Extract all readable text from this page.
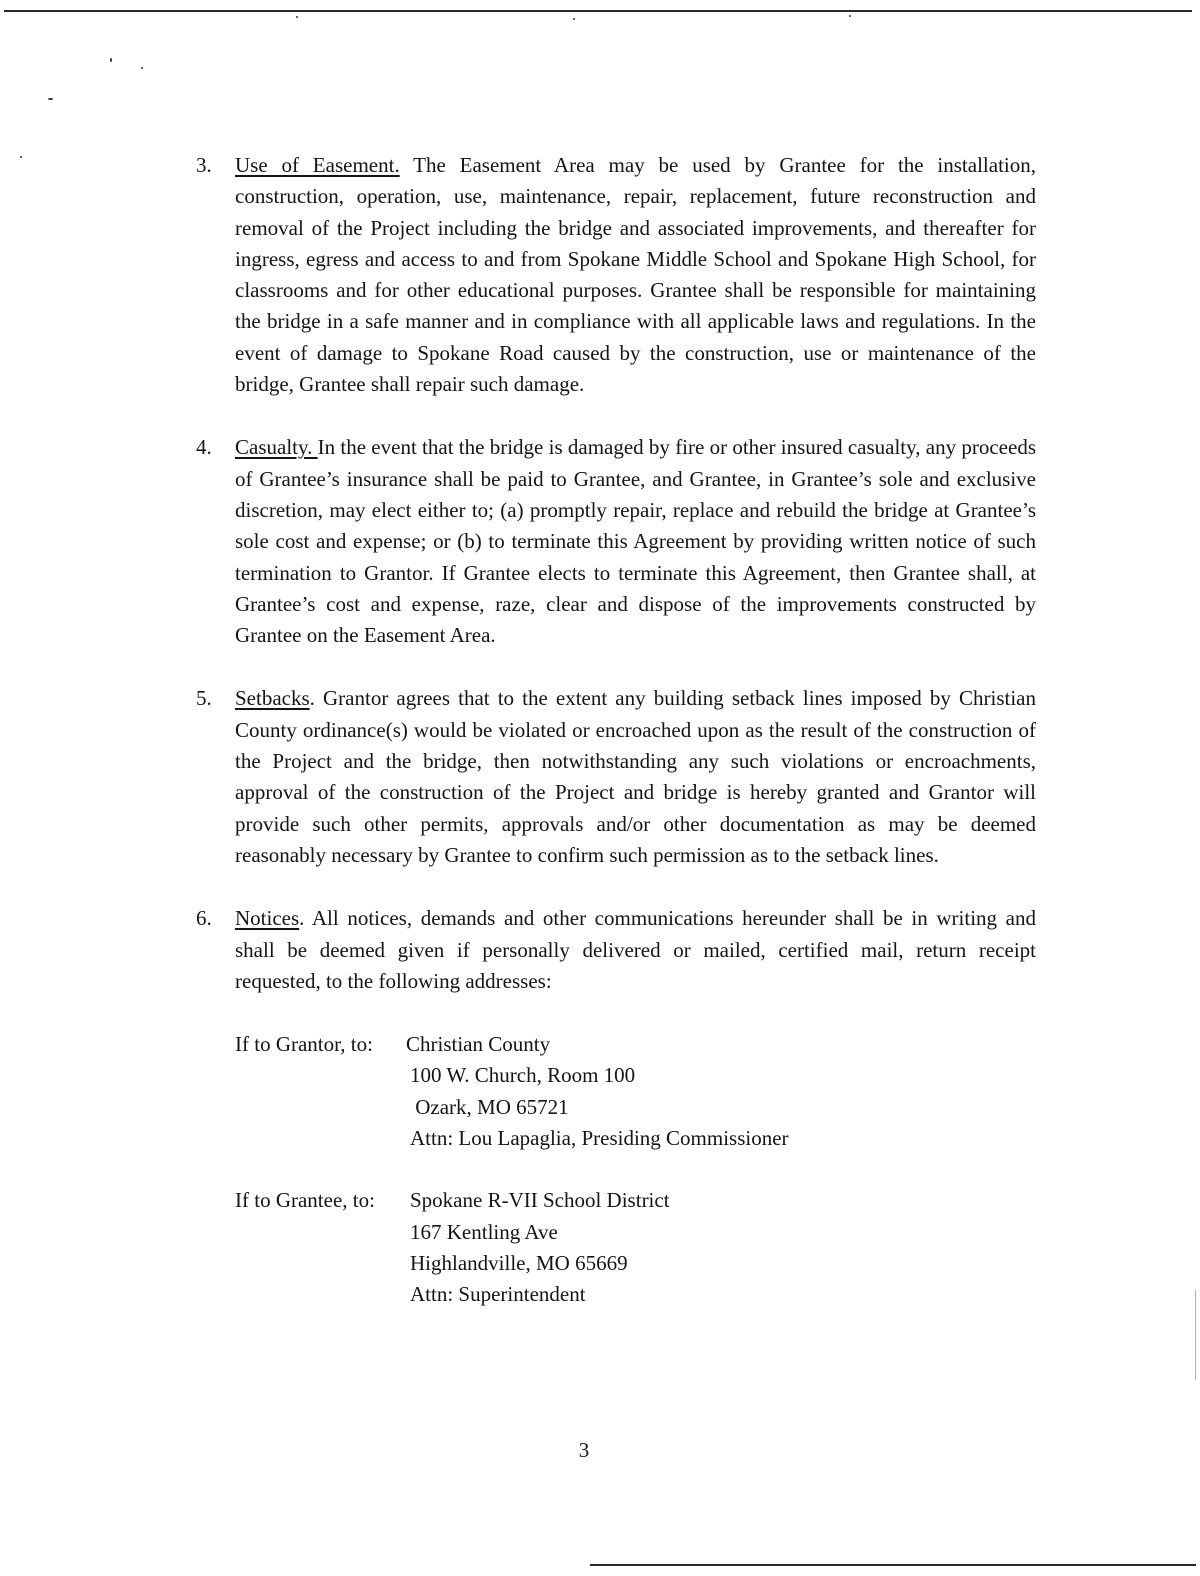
3. Use of Easement. The Easement Area may be used by Grantee for the installation, construction, operation, use, maintenance, repair, replacement, future reconstruction and removal of the Project including the bridge and associated improvements, and thereafter for ingress, egress and access to and from Spokane Middle School and Spokane High School, for classrooms and for other educational purposes. Grantee shall be responsible for maintaining the bridge in a safe manner and in compliance with all applicable laws and regulations. In the event of damage to Spokane Road caused by the construction, use or maintenance of the bridge, Grantee shall repair such damage.

4. Casualty. In the event that the bridge is damaged by fire or other insured casualty, any proceeds of Grantee’s insurance shall be paid to Grantee, and Grantee, in Grantee’s sole and exclusive discretion, may elect either to; (a) promptly repair, replace and rebuild the bridge at Grantee’s sole cost and expense; or (b) to terminate this Agreement by providing written notice of such termination to Grantor. If Grantee elects to terminate this Agreement, then Grantee shall, at Grantee’s cost and expense, raze, clear and dispose of the improvements constructed by Grantee on the Easement Area.

5. Setbacks. Grantor agrees that to the extent any building setback lines imposed by Christian County ordinance(s) would be violated or encroached upon as the result of the construction of the Project and the bridge, then notwithstanding any such violations or encroachments, approval of the construction of the Project and bridge is hereby granted and Grantor will provide such other permits, approvals and/or other documentation as may be deemed reasonably necessary by Grantee to confirm such permission as to the setback lines.

6. Notices. All notices, demands and other communications hereunder shall be in writing and shall be deemed given if personally delivered or mailed, certified mail, return receipt requested, to the following addresses:

If to Grantor, to: Christian County
100 W. Church, Room 100
Ozark, MO 65721
Attn: Lou Lapaglia, Presiding Commissioner
If to Grantee, to: Spokane R-VII School District
167 Kentling Ave
Highlandville, MO 65669
Attn: Superintendent
3
